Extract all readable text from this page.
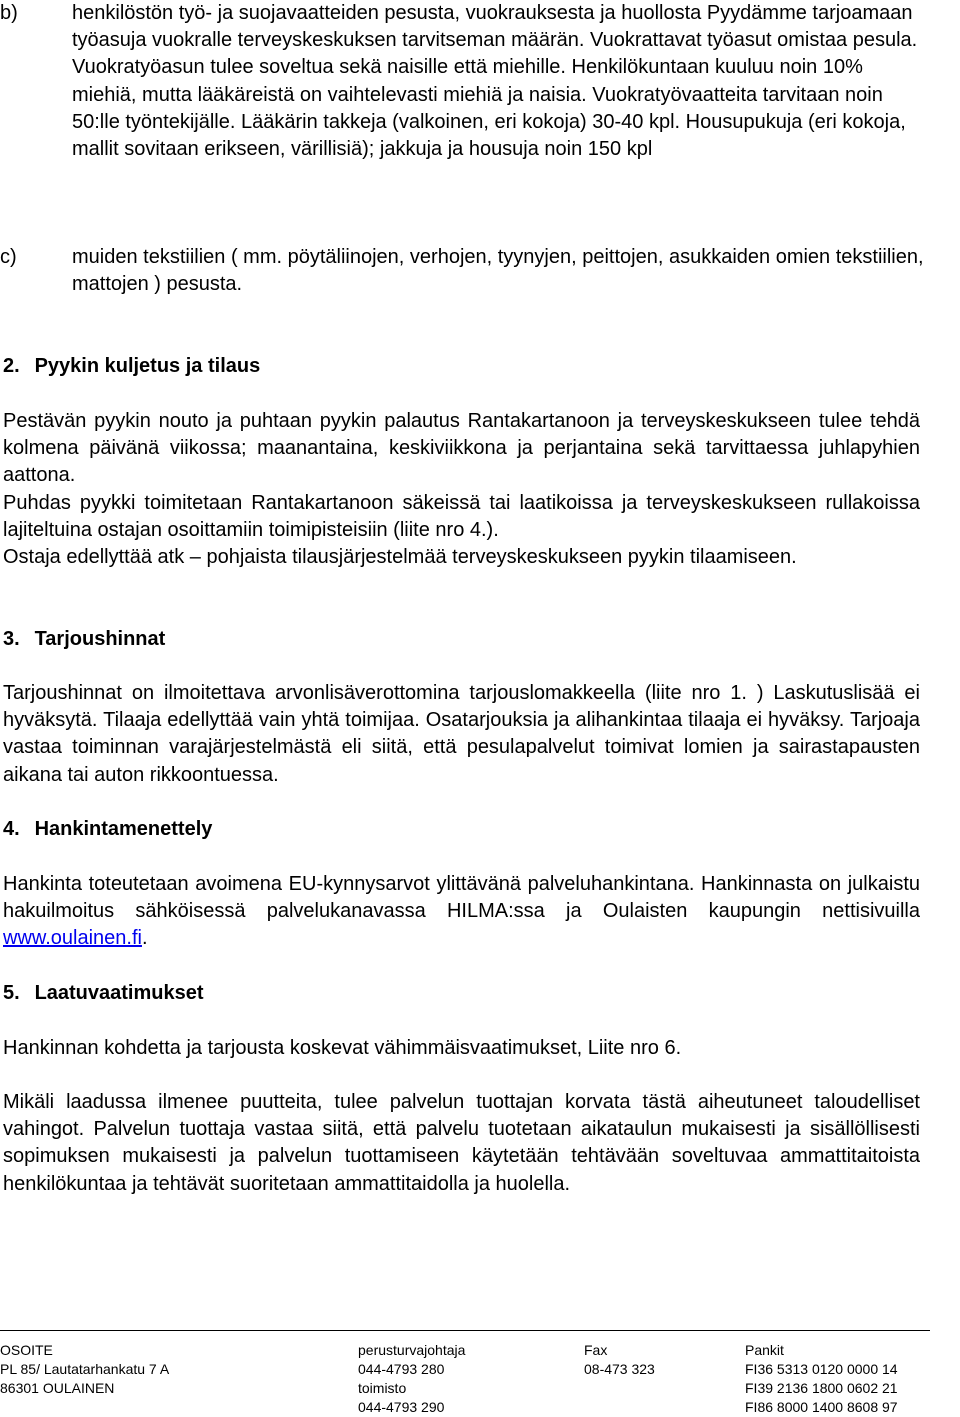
b)	henkilöstön työ- ja suojavaatteiden pesusta, vuokrauksesta ja huollosta Pyydämme tarjoamaan työasuja vuokralle terveyskeskuksen tarvitseman määrän. Vuokrattavat työasut omistaa pesula. Vuokratyöasun tulee soveltua sekä naisille että miehille. Henkilökuntaan kuuluu noin 10% miehiä, mutta lääkäreistä on vaihtelevasti miehiä ja naisia. Vuokratyövaatteita tarvitaan noin 50:lle työntekijälle. Lääkärin takkeja (valkoinen, eri kokoja) 30-40 kpl. Housupukuja (eri kokoja, mallit sovitaan erikseen, värillisiä); jakkuja ja housuja noin 150 kpl
c)	muiden tekstiilien ( mm. pöytäliinojen, verhojen, tyynyjen, peittojen, asukkaiden omien tekstiilien, mattojen ) pesusta.
2. Pyykin kuljetus ja tilaus

Pestävän pyykin nouto ja puhtaan pyykin palautus Rantakartanoon ja terveyskeskukseen tulee tehdä kolmena päivänä viikossa; maanantaina, keskiviikkona ja perjantaina sekä tarvittaessa juhlapyhien aattona.

Puhdas pyykki toimitetaan Rantakartanoon säkeissä tai laatikoissa ja terveyskeskukseen rullakoissa lajiteltuina ostajan osoittamiin toimipisteisiin (liite nro 4.).

Ostaja edellyttää atk – pohjaista tilausjärjestelmää terveyskeskukseen pyykin tilaamiseen.

3. Tarjoushinnat

Tarjoushinnat on ilmoitettava arvonlisäverottomina tarjouslomakkeella (liite nro 1. ) Laskutuslisää ei hyväksytä. Tilaaja edellyttää vain yhtä toimijaa. Osatarjouksia ja alihankintaa tilaaja ei hyväksy. Tarjoaja vastaa toiminnan varajärjestelmästä eli siitä, että pesulapalvelut toimivat lomien ja sairastapausten aikana tai auton rikkoontuessa.

4. Hankintamenettely

Hankinta toteutetaan avoimena EU-kynnysarvot ylittävänä palveluhankintana. Hankinnasta on julkaistu hakuilmoitus sähköisessä palvelukanavassa HILMA:ssa ja Oulaisten kaupungin nettisivuilla www.oulainen.fi.

5. Laatuvaatimukset

Hankinnan kohdetta ja tarjousta koskevat vähimmäisvaatimukset, Liite nro 6.

Mikäli laadussa ilmenee puutteita, tulee palvelun tuottajan korvata tästä aiheutuneet taloudelliset vahingot. Palvelun tuottaja vastaa siitä, että palvelu tuotetaan aikataulun mukaisesti ja sisällöllisesti sopimuksen mukaisesti ja palvelun tuottamiseen käytetään tehtävään soveltuvaa ammattitaitoista henkilökuntaa ja tehtävät suoritetaan ammattitaidolla ja huolella.

OSOITE
PL 85/ Lautatarhankatu 7 A
86301 OULAINEN
perusturvajohtaja
044-4793 280
toimisto
044-4793 290
Fax
08-473 323
Pankit
FI36 5313 0120 0000 14
FI39 2136 1800 0602 21
FI86 8000 1400 8608 97
